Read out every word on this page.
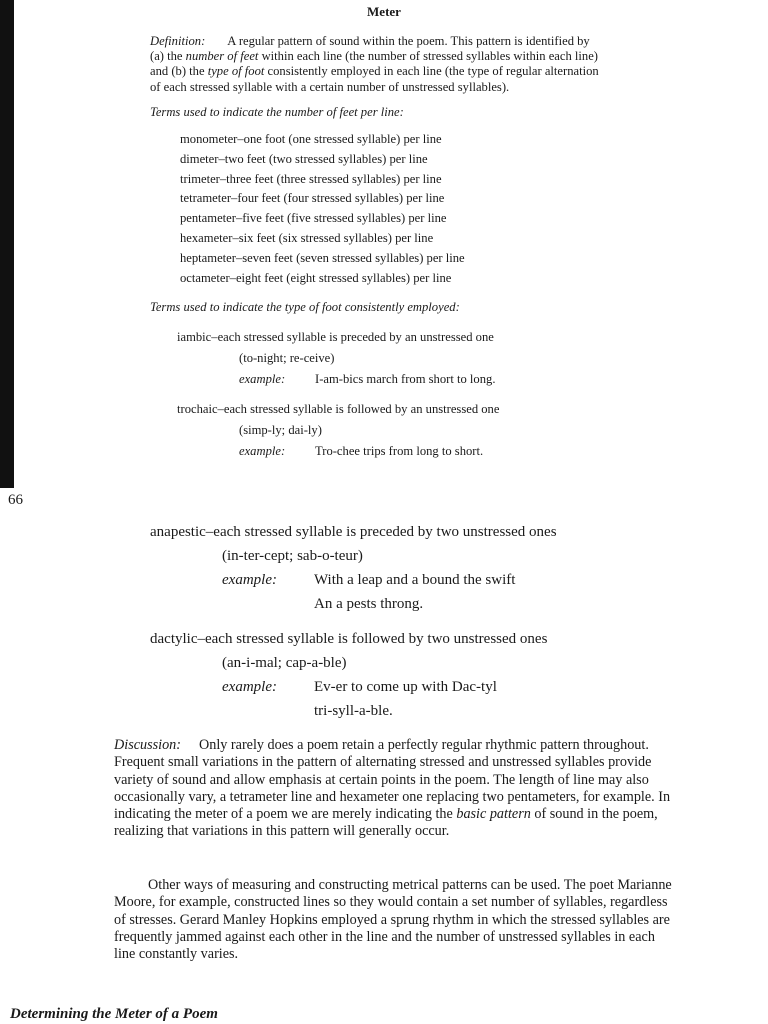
66
Meter

Definition: A regular pattern of sound within the poem. This pattern is identified by (a) the number of feet within each line (the number of stressed syllables within each line) and (b) the type of foot consistently employed in each line (the type of regular alternation of each stressed syllable with a certain number of unstressed syllables).

Terms used to indicate the number of feet per line:

monometer–one foot (one stressed syllable) per line
dimeter–two feet (two stressed syllables) per line
trimeter–three feet (three stressed syllables) per line
tetrameter–four feet (four stressed syllables) per line
pentameter–five feet (five stressed syllables) per line
hexameter–six feet (six stressed syllables) per line
heptameter–seven feet (seven stressed syllables) per line
octameter–eight feet (eight stressed syllables) per line

Terms used to indicate the type of foot consistently employed:

iambic–each stressed syllable is preceded by an unstressed one
(to-night; re-ceive)
example: I-am-bics march from short to long.
trochaic–each stressed syllable is followed by an unstressed one
(simp-ly; dai-ly)
example: Tro-chee trips from long to short.
anapestic–each stressed syllable is preceded by two unstressed ones
(in-ter-cept; sab-o-teur)
example: With a leap and a bound the swift
An a pests throng.
dactylic–each stressed syllable is followed by two unstressed ones
(an-i-mal; cap-a-ble)
example: Ev-er to come up with Dac-tyl
tri-syll-a-ble.

Discussion: Only rarely does a poem retain a perfectly regular rhythmic pattern throughout. Frequent small variations in the pattern of alternating stressed and unstressed syllables provide variety of sound and allow emphasis at certain points in the poem. The length of line may also occasionally vary, a tetrameter line and hexameter one replacing two pentameters, for example. In indicating the meter of a poem we are merely indicating the basic pattern of sound in the poem, realizing that variations in this pattern will generally occur.

Other ways of measuring and constructing metrical patterns can be used. The poet Marianne Moore, for example, constructed lines so they would contain a set number of syllables, regardless of stresses. Gerard Manley Hopkins employed a sprung rhythm in which the stressed syllables are frequently jammed against each other in the line and the number of unstressed syllables in each line constantly varies.

Determining the Meter of a Poem
